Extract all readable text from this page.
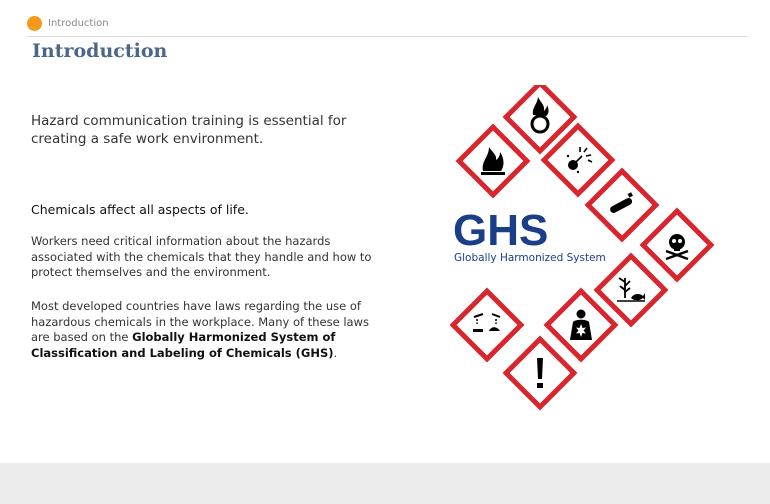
Introduction
Introduction

Hazard communication training is essential for creating a safe work environment.

Chemicals affect all aspects of life.

Workers need critical information about the hazards associated with the chemicals that they handle and how to protect themselves and the environment.

Most developed countries have laws regarding the use of hazardous chemicals in the workplace. Many of these laws are based on the Globally Harmonized System of Classification and Labeling of Chemicals (GHS).

GHS
Globally Harmonized System
